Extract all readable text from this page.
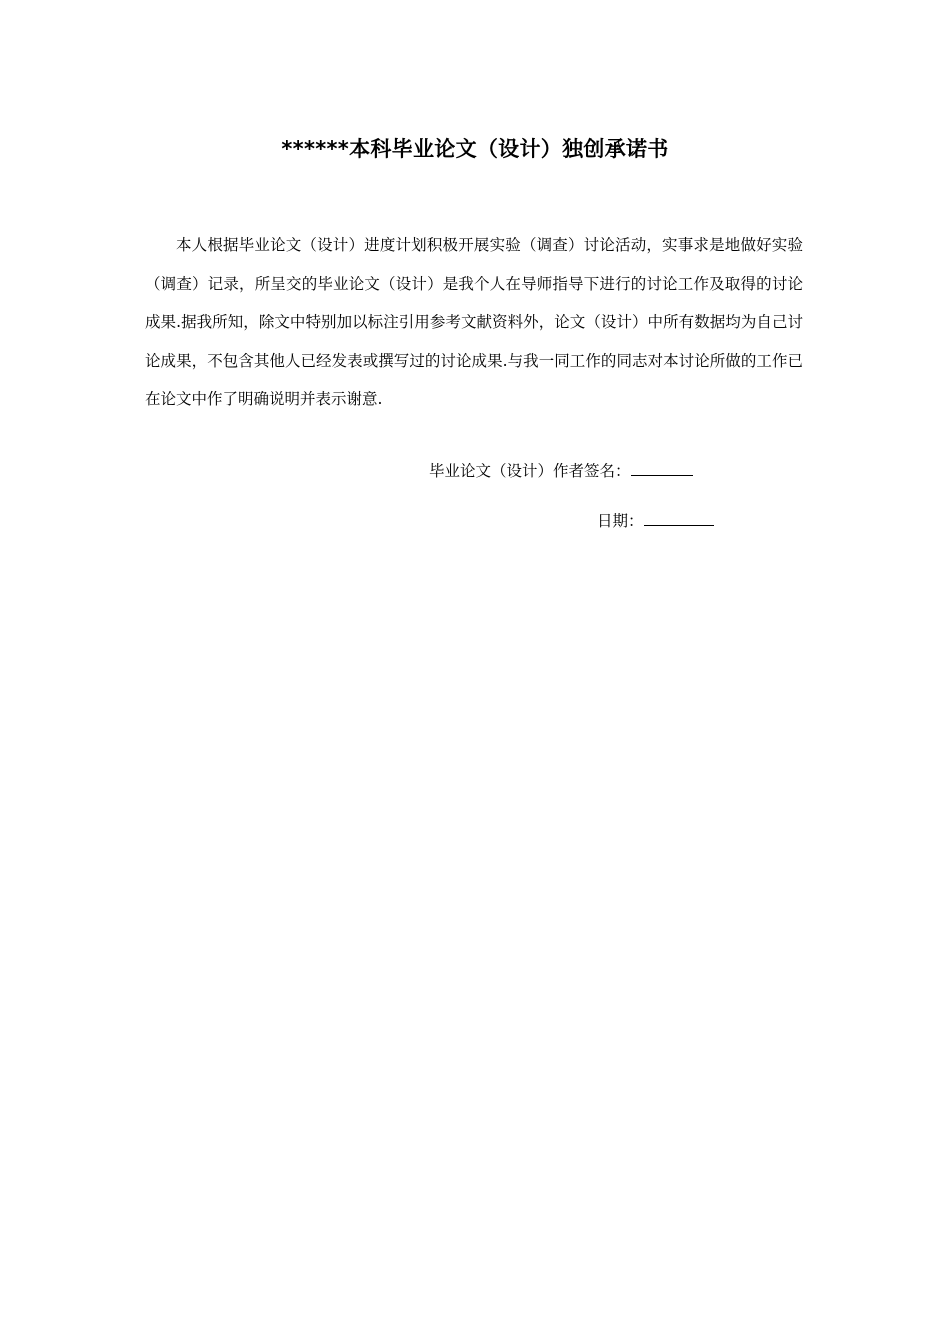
******本科毕业论文（设计）独创承诺书

本人根据毕业论文（设计）进度计划积极开展实验（调查）讨论活动，实事求是地做好实验（调查）记录，所呈交的毕业论文（设计）是我个人在导师指导下进行的讨论工作及取得的讨论成果.据我所知，除文中特别加以标注引用参考文献资料外，论文（设计）中所有数据均为自己讨论成果，不包含其他人已经发表或撰写过的讨论成果.与我一同工作的同志对本讨论所做的工作已在论文中作了明确说明并表示谢意.

毕业论文（设计）作者签名：
日期：
